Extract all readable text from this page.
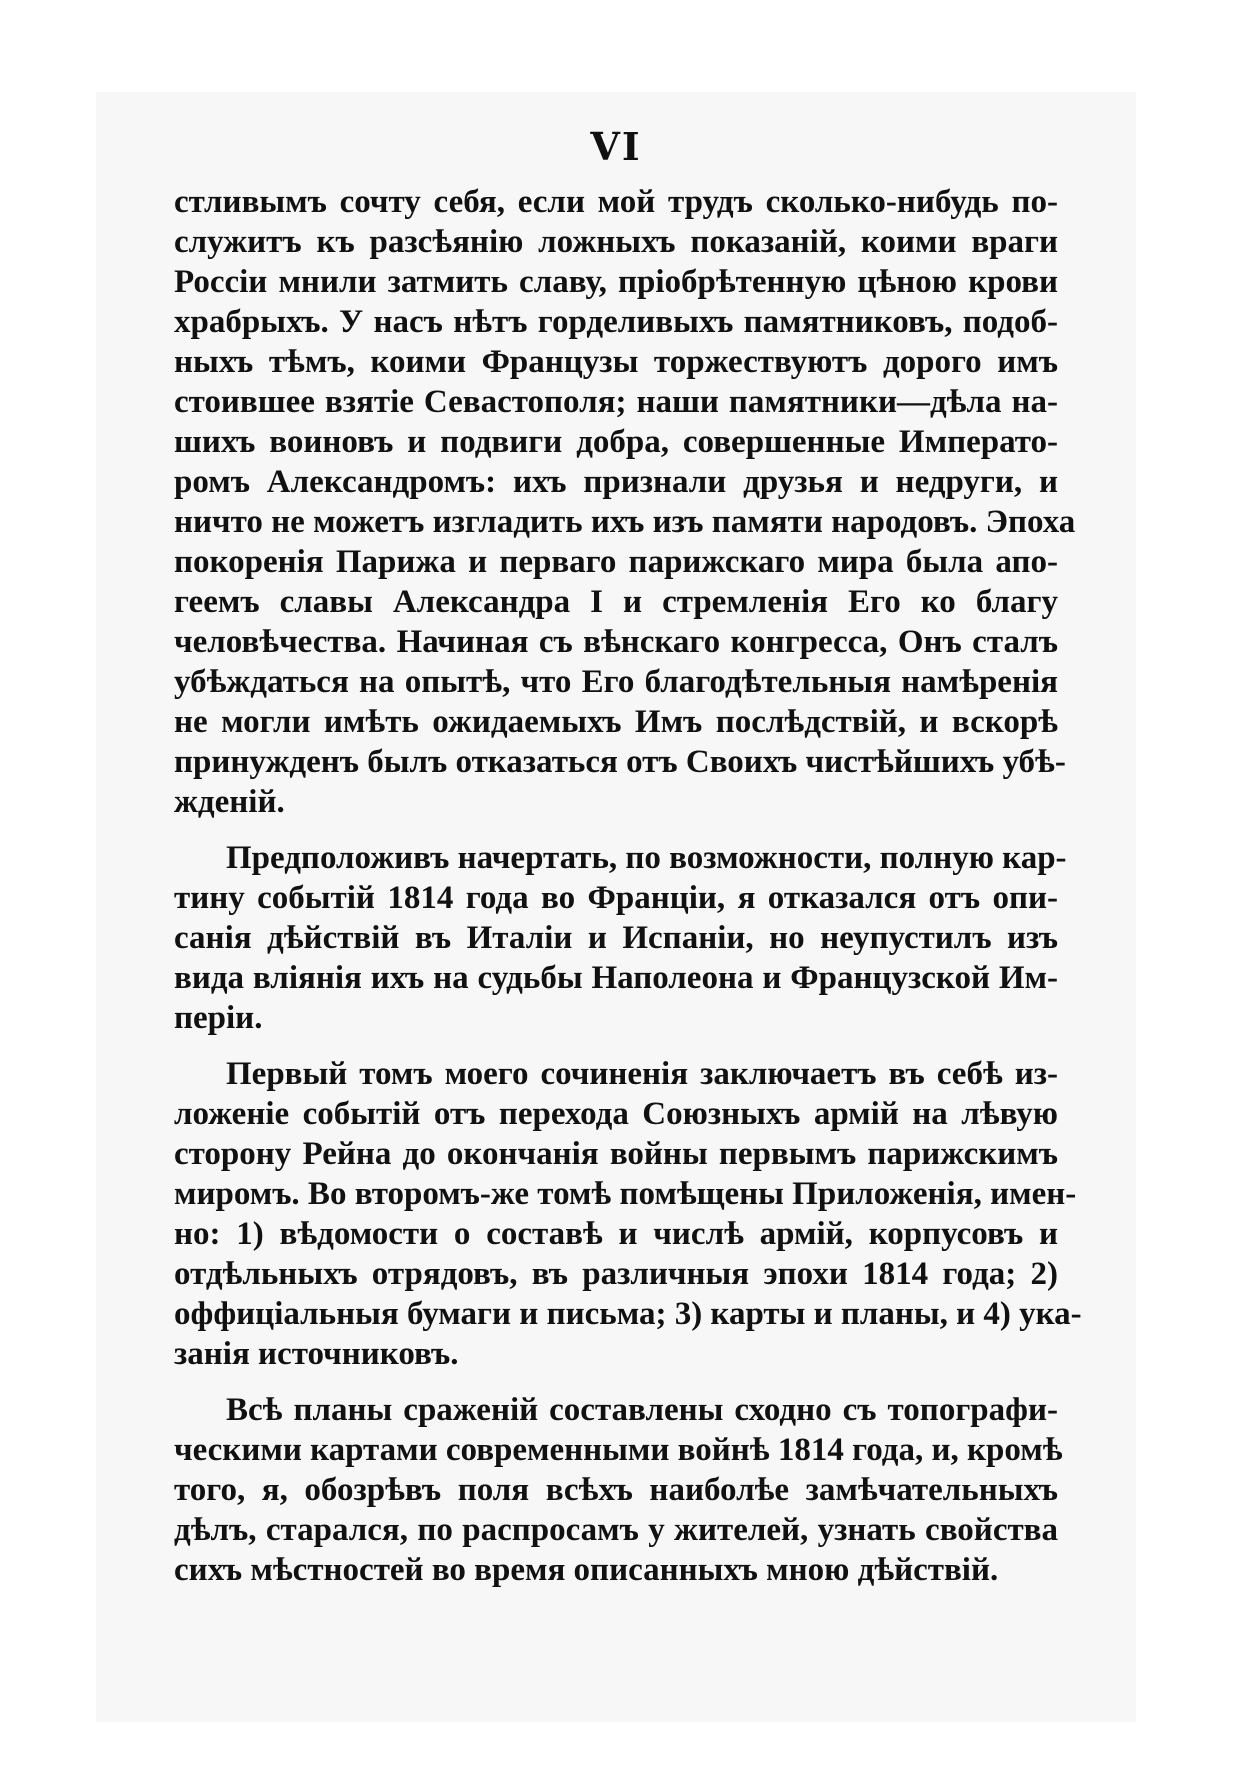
VI
стливымъ сочту себя, если мой трудъ сколько-нибудь по-
служитъ къ разсѣянію ложныхъ показаній, коими враги
Россіи мнили затмить славу, пріобрѣтенную цѣною крови
храбрыхъ. У насъ нѣтъ горделивыхъ памятниковъ, подоб-
ныхъ тѣмъ, коими Французы торжествуютъ дорого имъ
стоившее взятіе Севастополя; наши памятники—дѣла на-
шихъ воиновъ и подвиги добра, совершенные Императо-
ромъ Александромъ: ихъ признали друзья и недруги, и
ничто не можетъ изгладить ихъ изъ памяти народовъ. Эпоха
покоренія Парижа и перваго парижскаго мира была апо-
геемъ славы Александра I и стремленія Его ко благу
человѣчества. Начиная съ вѣнскаго конгресса, Онъ сталъ
убѣждаться на опытѣ, что Его благодѣтельныя намѣренія
не могли имѣть ожидаемыхъ Имъ послѣдствій, и вскорѣ
принужденъ былъ отказаться отъ Своихъ чистѣйшихъ убѣ-
жденій.
Предположивъ начертать, по возможности, полную кар-
тину событій 1814 года во Франціи, я отказался отъ опи-
санія дѣйствій въ Италіи и Испаніи, но неупустилъ изъ
вида вліянія ихъ на судьбы Наполеона и Французской Им-
періи.
Первый томъ моего сочиненія заключаетъ въ себѣ из-
ложеніе событій отъ перехода Союзныхъ армій на лѣвую
сторону Рейна до окончанія войны первымъ парижскимъ
миромъ. Во второмъ-же томѣ помѣщены Приложенія, имен-
но: 1) вѣдомости о составѣ и числѣ армій, корпусовъ и
отдѣльныхъ отрядовъ, въ различныя эпохи 1814 года; 2)
оффиціальныя бумаги и письма; 3) карты и планы, и 4) ука-
занія источниковъ.
Всѣ планы сраженій составлены сходно съ топографи-
ческими картами современными войнѣ 1814 года, и, кромѣ
того, я, обозрѣвъ поля всѣхъ наиболѣе замѣчательныхъ
дѣлъ, старался, по распросамъ у жителей, узнать свойства
сихъ мѣстностей во время описанныхъ мною дѣйствій.
